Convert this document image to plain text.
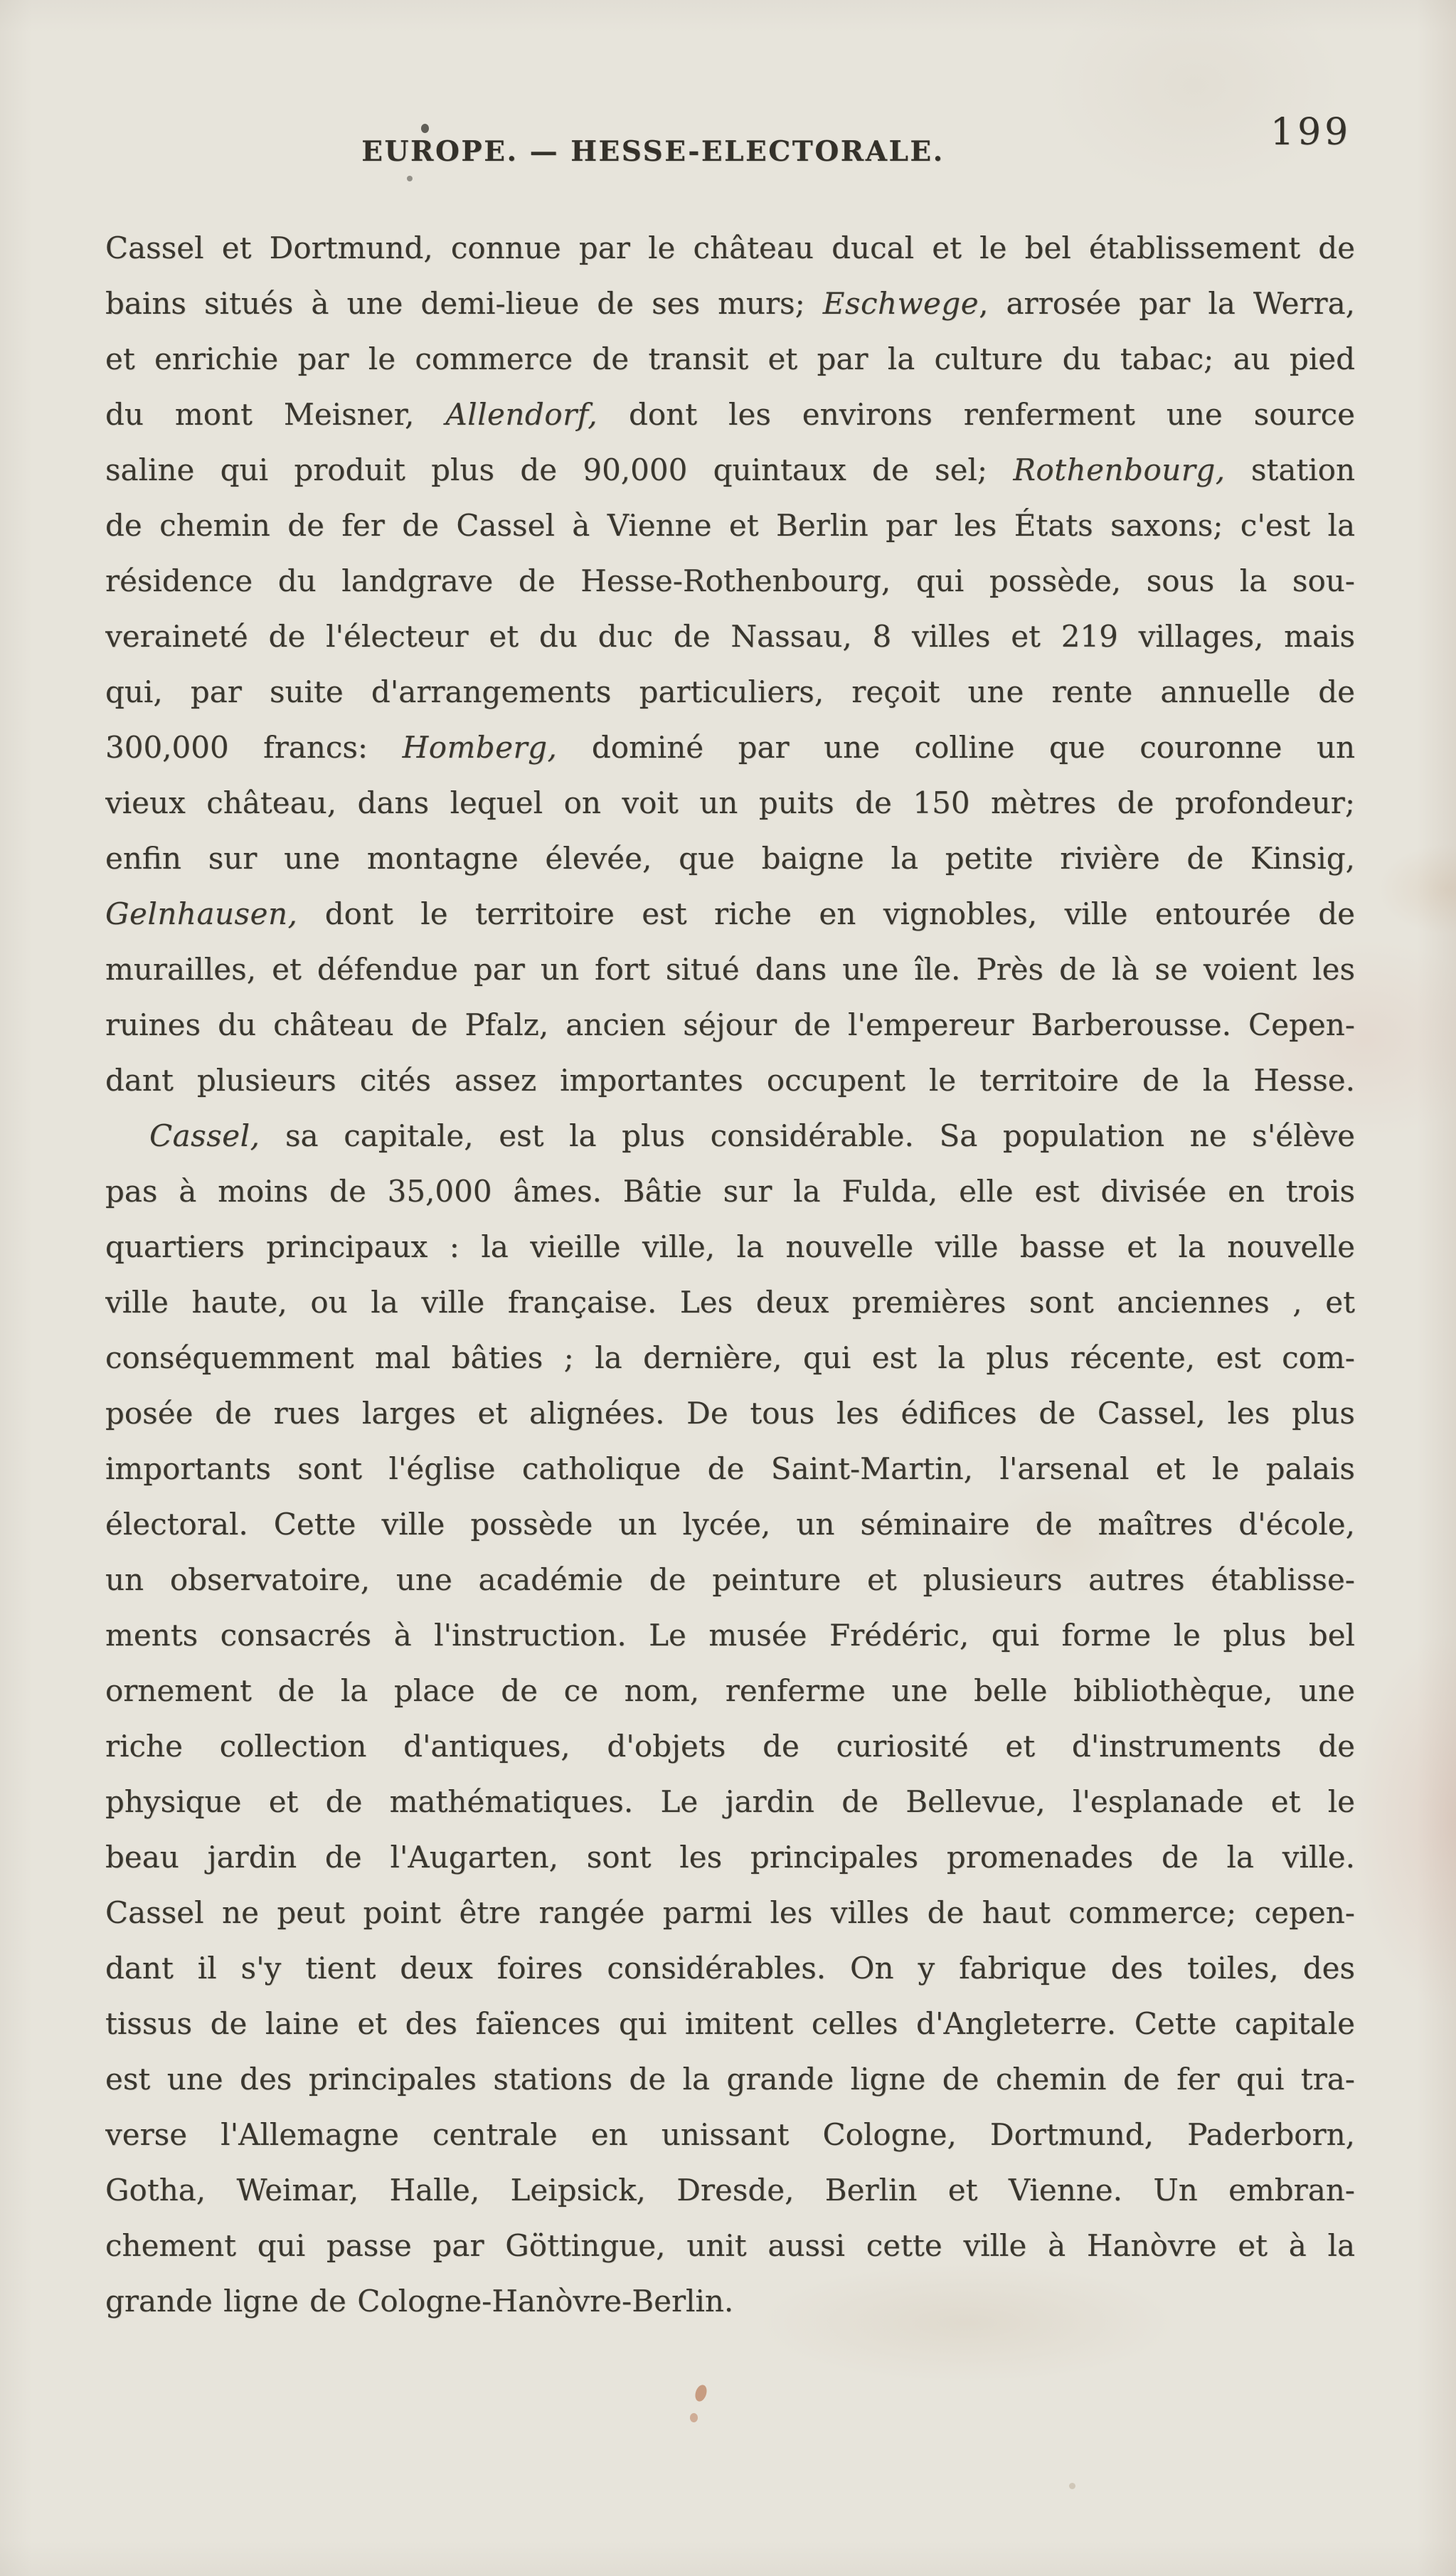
EUROPE. — HESSE-ELECTORALE.	199
Cassel et Dortmund, connue par le château ducal et le bel établissement de
bains situés à une demi-lieue de ses murs; Eschwege, arrosée par la Werra,
et enrichie par le commerce de transit et par la culture du tabac; au pied
du mont Meisner, Allendorf, dont les environs renferment une source
saline qui produit plus de 90,000 quintaux de sel; Rothenbourg, station
de chemin de fer de Cassel à Vienne et Berlin par les États saxons; c'est la
résidence du landgrave de Hesse-Rothenbourg, qui possède, sous la sou-
veraineté de l'électeur et du duc de Nassau, 8 villes et 219 villages, mais
qui, par suite d'arrangements particuliers, reçoit une rente annuelle de
300,000 francs: Homberg, dominé par une colline que couronne un
vieux château, dans lequel on voit un puits de 150 mètres de profondeur;
enfin sur une montagne élevée, que baigne la petite rivière de Kinsig,
Gelnhausen, dont le territoire est riche en vignobles, ville entourée de
murailles, et défendue par un fort situé dans une île. Près de là se voient les
ruines du château de Pfalz, ancien séjour de l'empereur Barberousse. Cepen-
dant plusieurs cités assez importantes occupent le territoire de la Hesse.
Cassel, sa capitale, est la plus considérable. Sa population ne s'élève
pas à moins de 35,000 âmes. Bâtie sur la Fulda, elle est divisée en trois
quartiers principaux : la vieille ville, la nouvelle ville basse et la nouvelle
ville haute, ou la ville française. Les deux premières sont anciennes , et
conséquemment mal bâties ; la dernière, qui est la plus récente, est com-
posée de rues larges et alignées. De tous les édifices de Cassel, les plus
importants sont l'église catholique de Saint-Martin, l'arsenal et le palais
électoral. Cette ville possède un lycée, un séminaire de maîtres d'école,
un observatoire, une académie de peinture et plusieurs autres établisse-
ments consacrés à l'instruction. Le musée Frédéric, qui forme le plus bel
ornement de la place de ce nom, renferme une belle bibliothèque, une
riche collection d'antiques, d'objets de curiosité et d'instruments de
physique et de mathématiques. Le jardin de Bellevue, l'esplanade et le
beau jardin de l'Augarten, sont les principales promenades de la ville.
Cassel ne peut point être rangée parmi les villes de haut commerce; cepen-
dant il s'y tient deux foires considérables. On y fabrique des toiles, des
tissus de laine et des faïences qui imitent celles d'Angleterre. Cette capitale
est une des principales stations de la grande ligne de chemin de fer qui tra-
verse l'Allemagne centrale en unissant Cologne, Dortmund, Paderborn,
Gotha, Weimar, Halle, Leipsick, Dresde, Berlin et Vienne. Un embran-
chement qui passe par Göttingue, unit aussi cette ville à Hanòvre et à la
grande ligne de Cologne-Hanòvre-Berlin.
